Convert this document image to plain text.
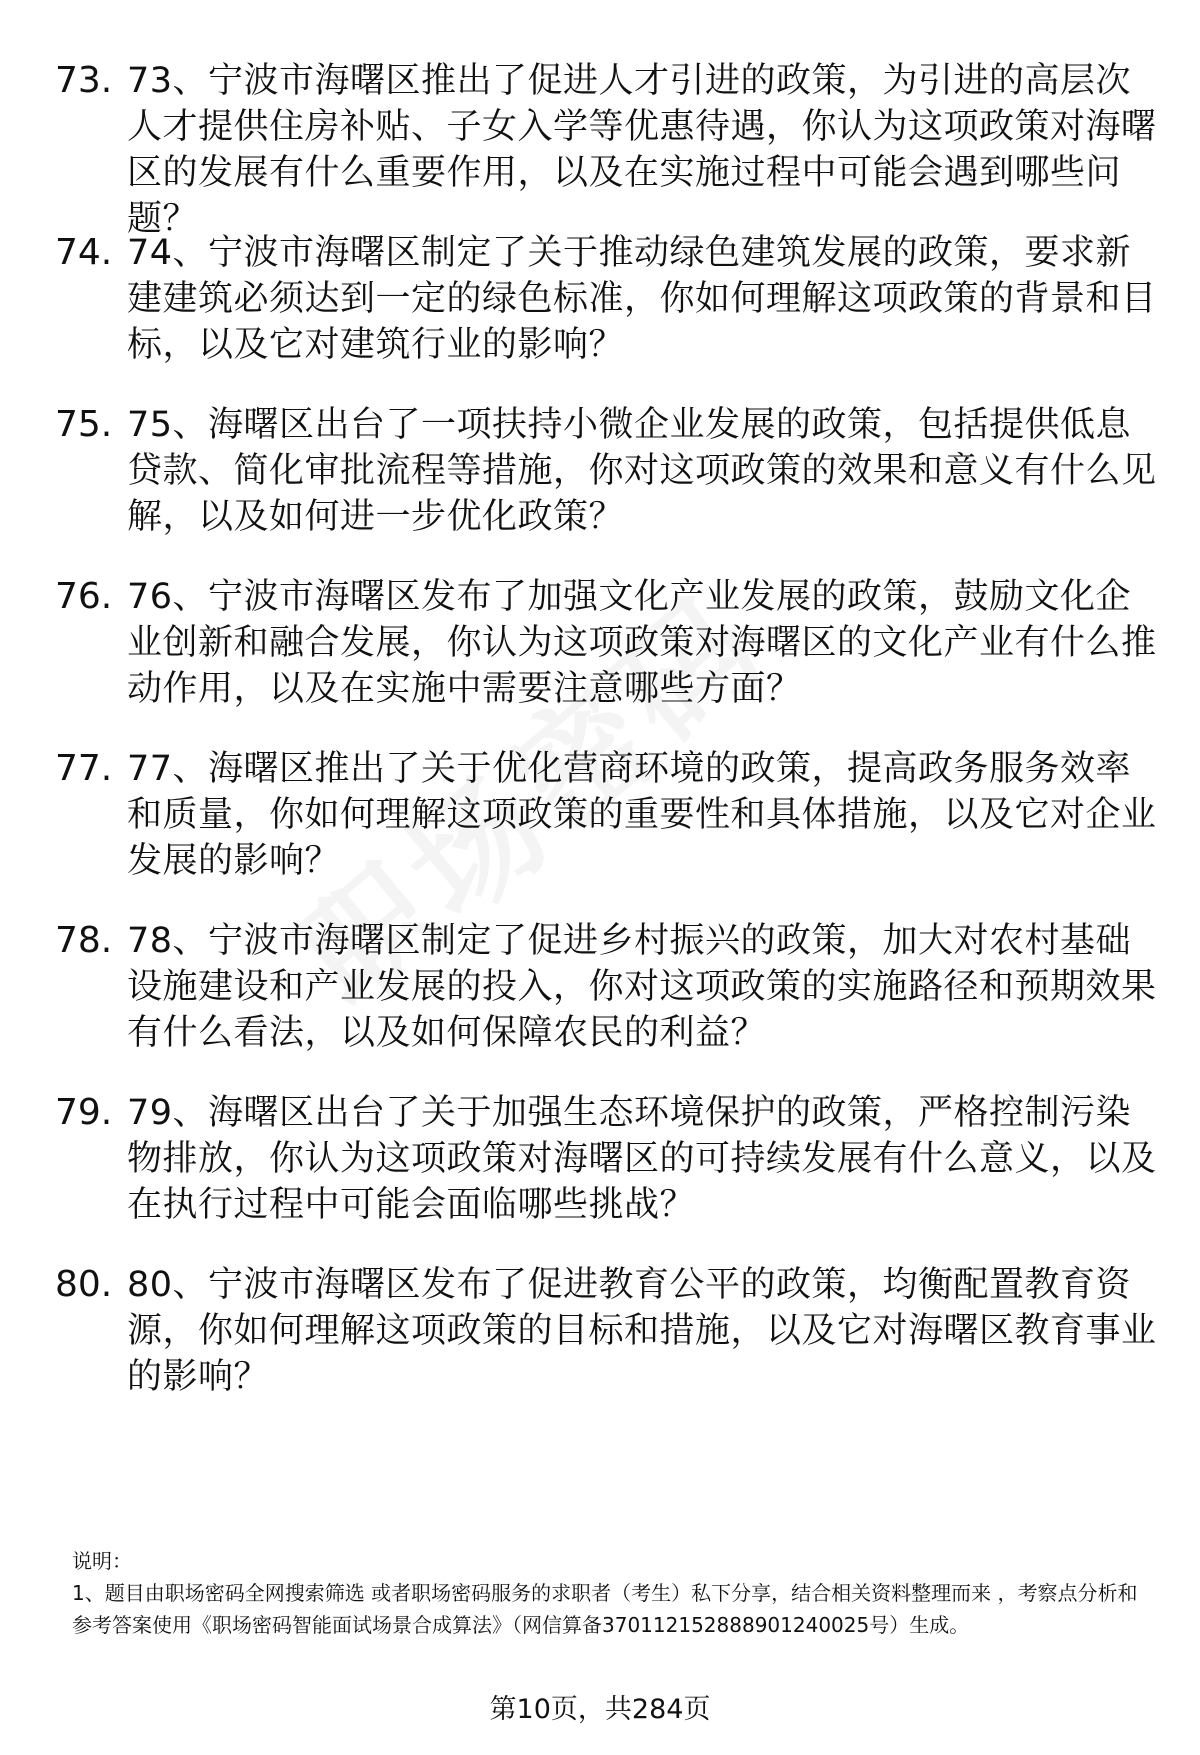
73. 73、宁波市海曙区推出了促进人才引进的政策，为引进的高层次人才提供住房补贴、子女入学等优惠待遇，你认为这项政策对海曙区的发展有什么重要作用，以及在实施过程中可能会遇到哪些问题？
74. 74、宁波市海曙区制定了关于推动绿色建筑发展的政策，要求新建建筑必须达到一定的绿色标准，你如何理解这项政策的背景和目标，以及它对建筑行业的影响？
75. 75、海曙区出台了一项扶持小微企业发展的政策，包括提供低息贷款、简化审批流程等措施，你对这项政策的效果和意义有什么见解，以及如何进一步优化政策？
76. 76、宁波市海曙区发布了加强文化产业发展的政策，鼓励文化企业创新和融合发展，你认为这项政策对海曙区的文化产业有什么推动作用，以及在实施中需要注意哪些方面？
77. 77、海曙区推出了关于优化营商环境的政策，提高政务服务效率和质量，你如何理解这项政策的重要性和具体措施，以及它对企业发展的影响？
78. 78、宁波市海曙区制定了促进乡村振兴的政策，加大对农村基础设施建设和产业发展的投入，你对这项政策的实施路径和预期效果有什么看法，以及如何保障农民的利益？
79. 79、海曙区出台了关于加强生态环境保护的政策，严格控制污染物排放，你认为这项政策对海曙区的可持续发展有什么意义，以及在执行过程中可能会面临哪些挑战？
80. 80、宁波市海曙区发布了促进教育公平的政策，均衡配置教育资源，你如何理解这项政策的目标和措施，以及它对海曙区教育事业的影响？
说明：
1、题目由职场密码全网搜索筛选 或者职场密码服务的求职者（考生）私下分享，结合相关资料整理而来 ，考察点分析和参考答案使用《职场密码智能面试场景合成算法》（网信算备370112152888901240025号）生成。
第10页，共284页
